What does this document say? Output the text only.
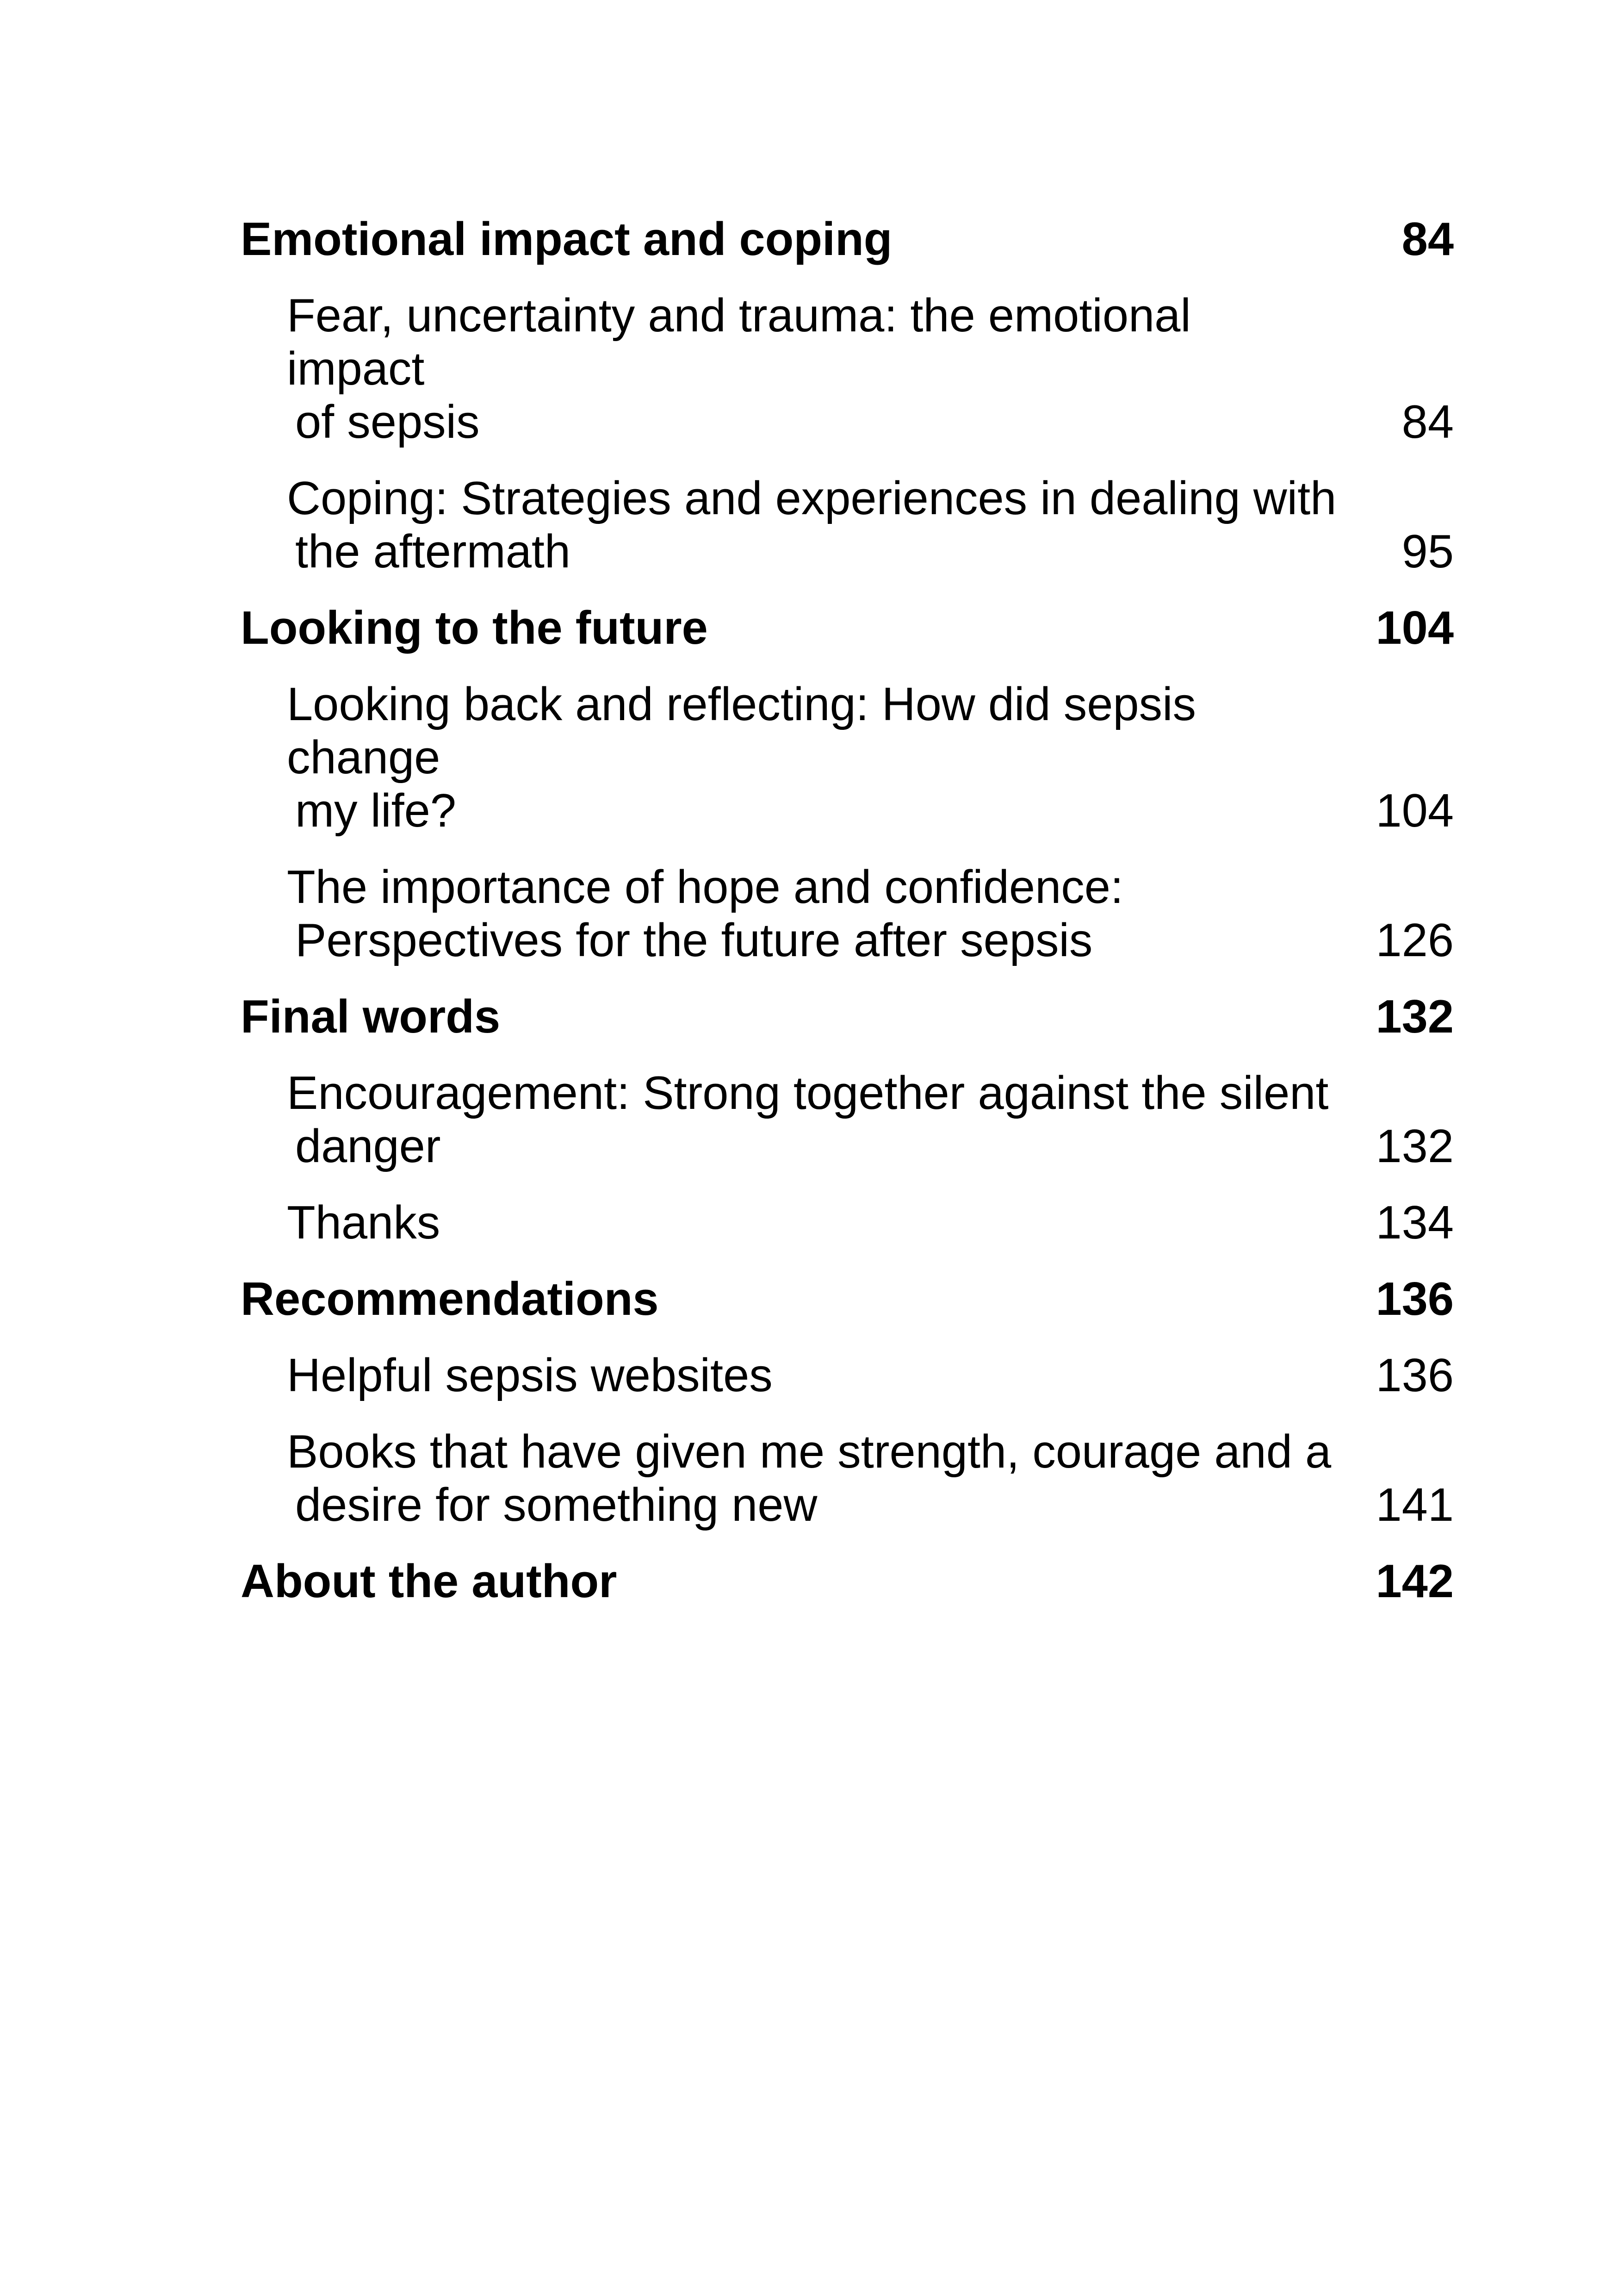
Emotional impact and coping	84
Fear, uncertainty and trauma: the emotional impact
of sepsis	84
Coping: Strategies and experiences in dealing with
the aftermath	95
Looking to the future	104
Looking back and reflecting: How did sepsis change
my life?	104
The importance of hope and confidence:
Perspectives for the future after sepsis	126
Final words	132
Encouragement: Strong together against the silent
danger	132
Thanks	134
Recommendations	136
Helpful sepsis websites	136
Books that have given me strength, courage and a
desire for something new	141
About the author	142
